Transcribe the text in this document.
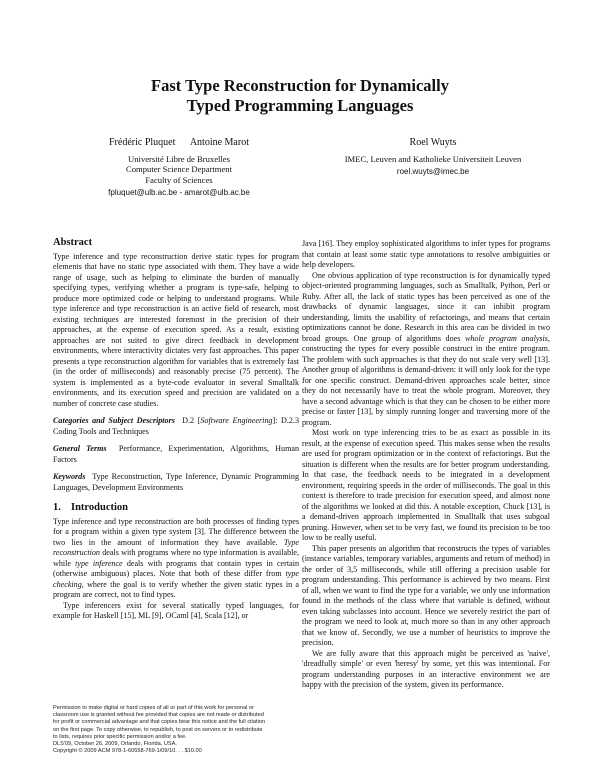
Fast Type Reconstruction for Dynamically
Typed Programming Languages
Frédéric Pluquet      Antoine Marot
Université Libre de Bruxelles
Computer Science Department
Faculty of Sciences
fpluquet@ulb.ac.be - amarot@ulb.ac.be
Roel Wuyts
IMEC, Leuven and Katholieke Universiteit Leuven
roel.wuyts@imec.be
Abstract

Type inference and type reconstruction derive static types for program elements that have no static type associated with them. They have a wide range of usage, such as helping to eliminate the burden of manually specifying types, verifying whether a program is type-safe, helping to produce more optimized code or helping to understand programs. While type inference and type reconstruction is an active field of research, most existing techniques are interested foremost in the precision of their approaches, at the expense of execution speed. As a result, existing approaches are not suited to give direct feedback in development environments, where interactivity dictates very fast approaches. This paper presents a type reconstruction algorithm for variables that is extremely fast (in the order of milliseconds) and reasonably precise (75 percent). The system is implemented as a byte-code evaluator in several Smalltalk environments, and its execution speed and precision are validated on a number of concrete case studies.

Categories and Subject Descriptors D.2 [Software Engineering]: D.2.3 Coding Tools and Techniques

General Terms Performance, Experimentation, Algorithms, Human Factors

Keywords Type Reconstruction, Type Inference, Dynamic Programming Languages, Development Environments

1. Introduction

Type inference and type reconstruction are both processes of finding types for a program within a given type system [3]. The difference between the two lies in the amount of information they have available. Type reconstruction deals with programs where no type information is available, while type inference deals with programs that contain types in certain (otherwise ambiguous) places. Note that both of these differ from type checking, where the goal is to verify whether the given static types in a program are correct, not to find types.

Type inferencers exist for several statically typed languages, for example for Haskell [15], ML [9], OCaml [4], Scala [12], or

Permission to make digital or hard copies of all or part of this work for personal or
classroom use is granted without fee provided that copies are not made or distributed
for profit or commercial advantage and that copies bear this notice and the full citation
on the first page. To copy otherwise, to republish, to post on servers or to redistribute
to lists, requires prior specific permission and/or a fee.
DLS'09, October 26, 2009, Orlando, Florida, USA.
Copyright © 2009 ACM 978-1-60558-769-1/09/10. . . $10.00

Java [16]. They employ sophisticated algorithms to infer types for programs that contain at least some static type annotations to resolve ambiguities or help developers.

One obvious application of type reconstruction is for dynamically typed object-oriented programming languages, such as Smalltalk, Python, Perl or Ruby. After all, the lack of static types has been perceived as one of the drawbacks of dynamic languages, since it can inhibit program understanding, limits the usability of refactorings, and means that certain optimizations cannot be done. Research in this area can be divided in two broad groups. One group of algorithms does whole program analysis, constructing the types for every possible construct in the entire program. The problem with such approaches is that they do not scale very well [13]. Another group of algorithms is demand-driven: it will only look for the type for one specific construct. Demand-driven approaches scale better, since they do not necessarily have to treat the whole program. Moreover, they have a second advantage which is that they can be chosen to be either more precise or faster [13], by simply running longer and traversing more of the program.

Most work on type inferencing tries to be as exact as possible in its result, at the expense of execution speed. This makes sense when the results are used for program optimization or in the context of refactorings. But the situation is different when the results are for better program understanding. In that case, the feedback needs to be integrated in a development environment, requiring speeds in the order of milliseconds. The goal in this context is therefore to trade precision for execution speed, and almost none of the algorithms we looked at did this. A notable exception, Chuck [13], is a demand-driven approach implemented in Smalltalk that uses subgoal pruning. However, when set to be very fast, we found its precision to be too low to be really useful.

This paper presents an algorithm that reconstructs the types of variables (instance variables, temporary variables, arguments and return of method) in the order of 3,5 milliseconds, while still offering a precision usable for program understanding. This performance is achieved by two means. First of all, when we want to find the type for a variable, we only use information found in the methods of the class where that variable is defined, without even taking subclasses into account. Hence we severely restrict the part of the program we need to look at, much more so than in any other approach that we know of. Secondly, we use a number of heuristics to improve the precision.

We are fully aware that this approach might be perceived as 'naive', 'dreadfully simple' or even 'heresy' by some, yet this was intentional. For program understanding purposes in an interactive environment we are happy with the precision of the system, given its performance.
